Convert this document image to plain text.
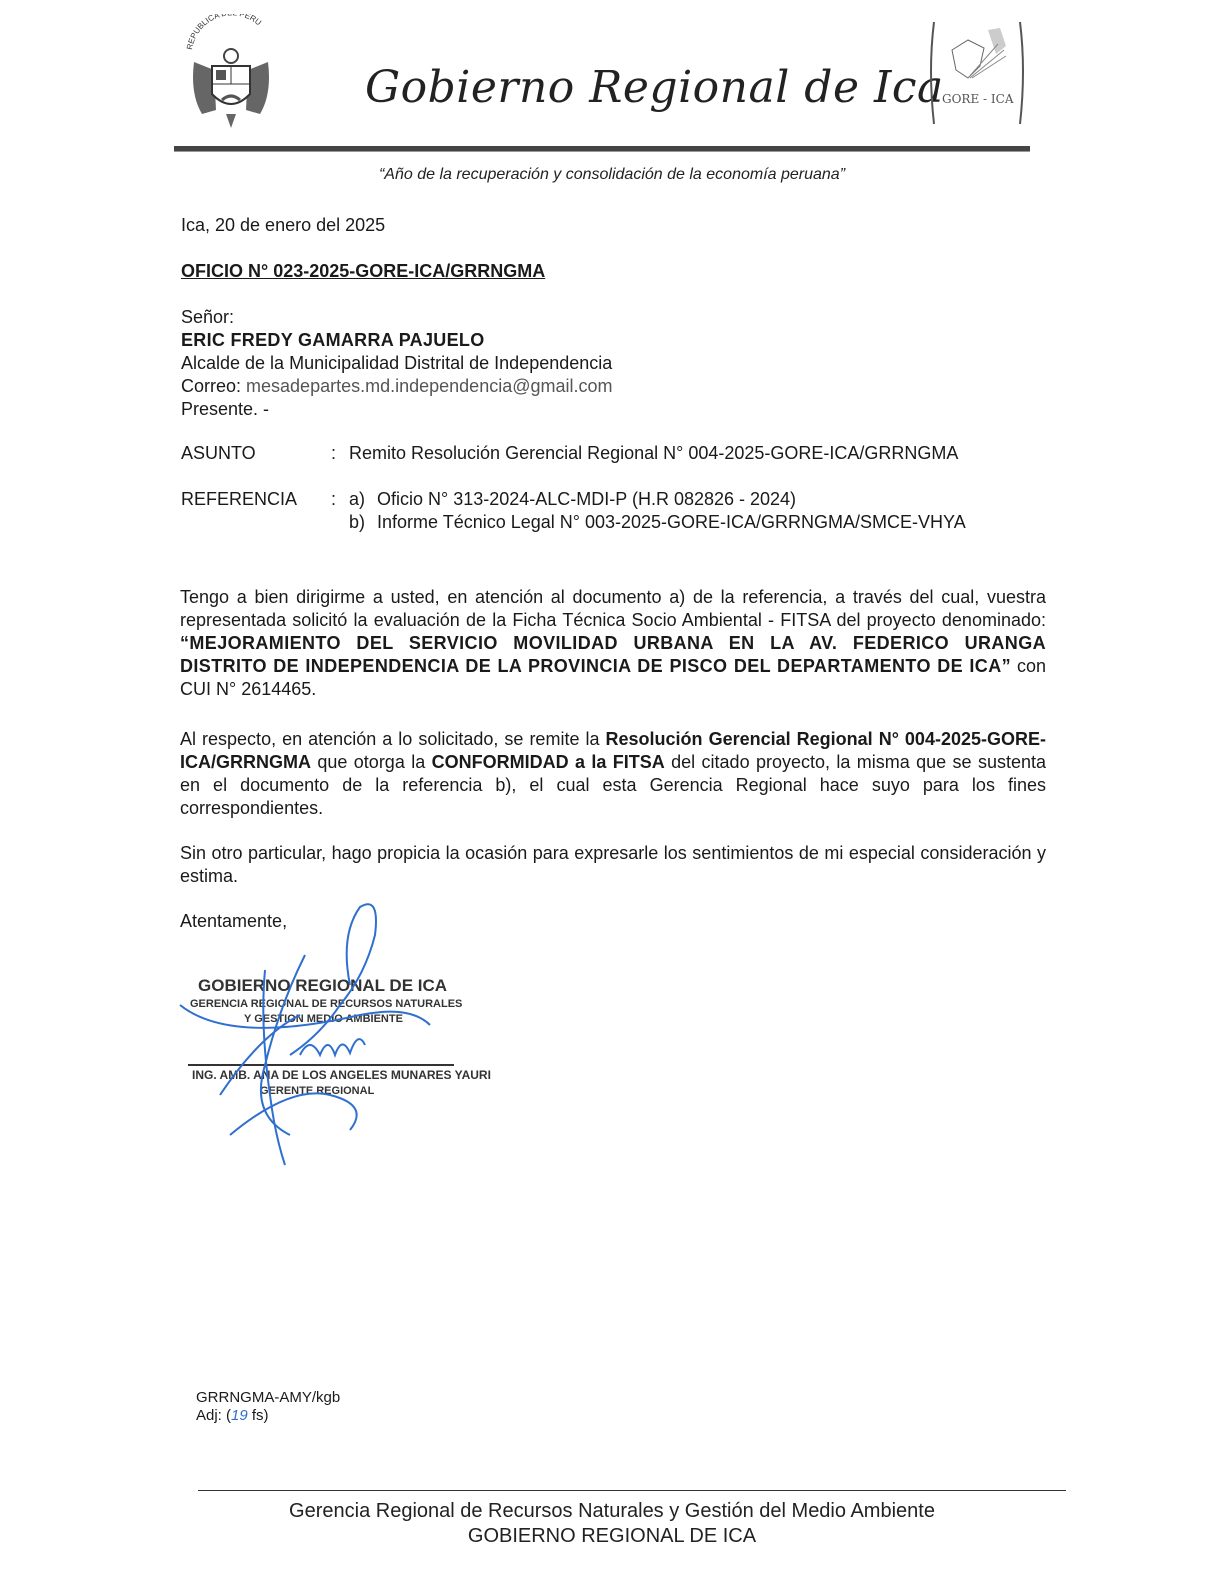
REPUBLICA PERU
Gobierno Regional de Ica
GORE - ICA
“Año de la recuperación y consolidación de la economía peruana”
Ica, 20 de enero del 2025
OFICIO N° 023-2025-GORE-ICA/GRRNGMA
Señor:
ERIC FREDY GAMARRA PAJUELO
Alcalde de la Municipalidad Distrital de Independencia
Correo: mesadepartes.md.independencia@gmail.com
Presente. -
ASUNTO	: Remito Resolución Gerencial Regional N° 004-2025-GORE-ICA/GRRNGMA
REFERENCIA : a) Oficio N° 313-2024-ALC-MDI-P (H.R 082826 - 2024)
b) Informe Técnico Legal N° 003-2025-GORE-ICA/GRRNGMA/SMCE-VHYA
Tengo a bien dirigirme a usted, en atención al documento a) de la referencia, a través del cual, vuestra representada solicitó la evaluación de la Ficha Técnica Socio Ambiental - FITSA del proyecto denominado: “MEJORAMIENTO DEL SERVICIO MOVILIDAD URBANA EN LA AV. FEDERICO URANGA DISTRITO DE INDEPENDENCIA DE LA PROVINCIA DE PISCO DEL DEPARTAMENTO DE ICA” con CUI N° 2614465.
Al respecto, en atención a lo solicitado, se remite la Resolución Gerencial Regional N° 004-2025-GORE-ICA/GRRNGMA que otorga la CONFORMIDAD a la FITSA del citado proyecto, la misma que se sustenta en el documento de la referencia b), el cual esta Gerencia Regional hace suyo para los fines correspondientes.
Sin otro particular, hago propicia la ocasión para expresarle los sentimientos de mi especial consideración y estima.
Atentamente,
GOBIERNO REGIONAL DE ICA
GERENCIA REGIONAL DE RECURSOS NATURALES
Y GESTION MEDIO AMBIENTE
ING. AMB. ANA DE LOS ANGELES MUNARES YAURI
GERENTE REGIONAL
GRRNGMA-AMY/kgb
Adj: (19 fs)
Gerencia Regional de Recursos Naturales y Gestión del Medio Ambiente
GOBIERNO REGIONAL DE ICA
